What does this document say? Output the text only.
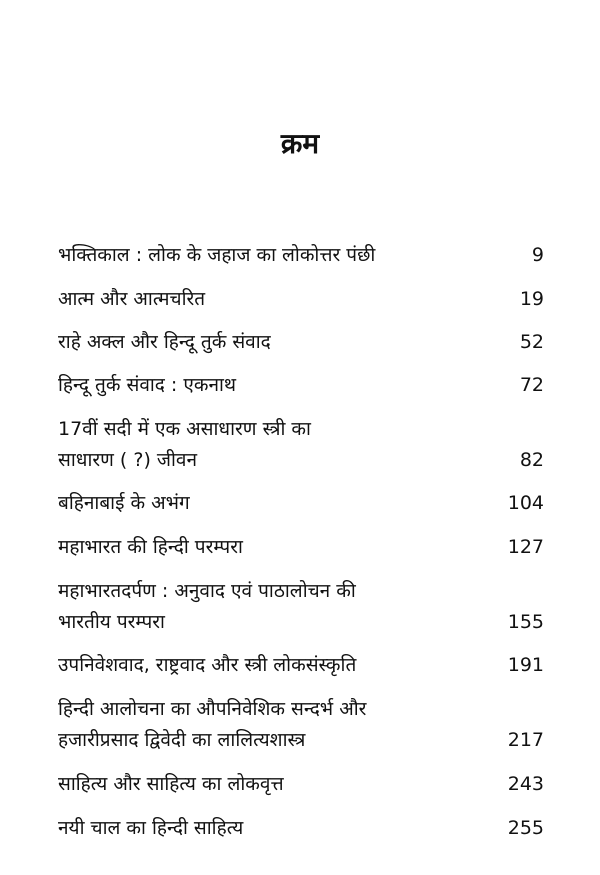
क्रम
भक्तिकाल : लोक के जहाज का लोकोत्तर पंछी	9
आत्म और आत्मचरित	19
राहे अक्ल और हिन्दू तुर्क संवाद	52
हिन्दू तुर्क संवाद : एकनाथ	72
17वीं सदी में एक असाधारण स्त्री का
साधारण ( ?) जीवन	82
बहिनाबाई के अभंग	104
महाभारत की हिन्दी परम्परा	127
महाभारतदर्पण : अनुवाद एवं पाठालोचन की
भारतीय परम्परा	155
उपनिवेशवाद, राष्ट्रवाद और स्त्री लोकसंस्कृति	191
हिन्दी आलोचना का औपनिवेशिक सन्दर्भ और
हजारीप्रसाद द्विवेदी का लालित्यशास्त्र	217
साहित्य और साहित्य का लोकवृत्त	243
नयी चाल का हिन्दी साहित्य	255
